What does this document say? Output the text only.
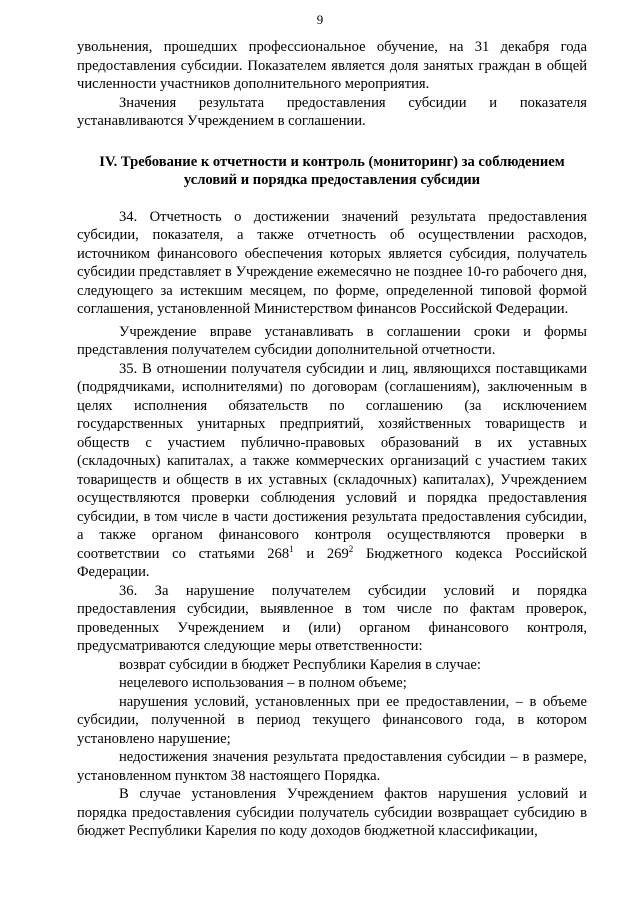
9

увольнения, прошедших профессиональное обучение, на 31 декабря года предоставления субсидии. Показателем является доля занятых граждан в общей численности участников дополнительного мероприятия.

Значения результата предоставления субсидии и показателя устанавливаются Учреждением в соглашении.

IV. Требование к отчетности и контроль (мониторинг) за соблюдением
условий и порядка предоставления субсидии

34. Отчетность о достижении значений результата предоставления субсидии, показателя, а также отчетность об осуществлении расходов, источником финансового обеспечения которых является субсидия, получатель субсидии представляет в Учреждение ежемесячно не позднее 10-го рабочего дня, следующего за истекшим месяцем, по форме, определенной типовой формой соглашения, установленной Министерством финансов Российской Федерации.

Учреждение вправе устанавливать в соглашении сроки и формы представления получателем субсидии дополнительной отчетности.

35. В отношении получателя субсидии и лиц, являющихся поставщиками (подрядчиками, исполнителями) по договорам (соглашениям), заключенным в целях исполнения обязательств по соглашению (за исключением государственных унитарных предприятий, хозяйственных товариществ и обществ с участием публично-правовых образований в их уставных (складочных) капиталах, а также коммерческих организаций с участием таких товариществ и обществ в их уставных (складочных) капиталах), Учреждением осуществляются проверки соблюдения условий и порядка предоставления субсидии, в том числе в части достижения результата предоставления субсидии, а также органом финансового контроля осуществляются проверки в соответствии со статьями $268^1$ и $269^2$ Бюджетного кодекса Российской Федерации.

36. За нарушение получателем субсидии условий и порядка предоставления субсидии, выявленное в том числе по фактам проверок, проведенных Учреждением и (или) органом финансового контроля, предусматриваются следующие меры ответственности:

возврат субсидии в бюджет Республики Карелия в случае:

нецелевого использования – в полном объеме;

нарушения условий, установленных при ее предоставлении, – в объеме субсидии, полученной в период текущего финансового года, в котором установлено нарушение;

недостижения значения результата предоставления субсидии – в размере, установленном пунктом 38 настоящего Порядка.

В случае установления Учреждением фактов нарушения условий и порядка предоставления субсидии получатель субсидии возвращает субсидию в бюджет Республики Карелия по коду доходов бюджетной классификации,
